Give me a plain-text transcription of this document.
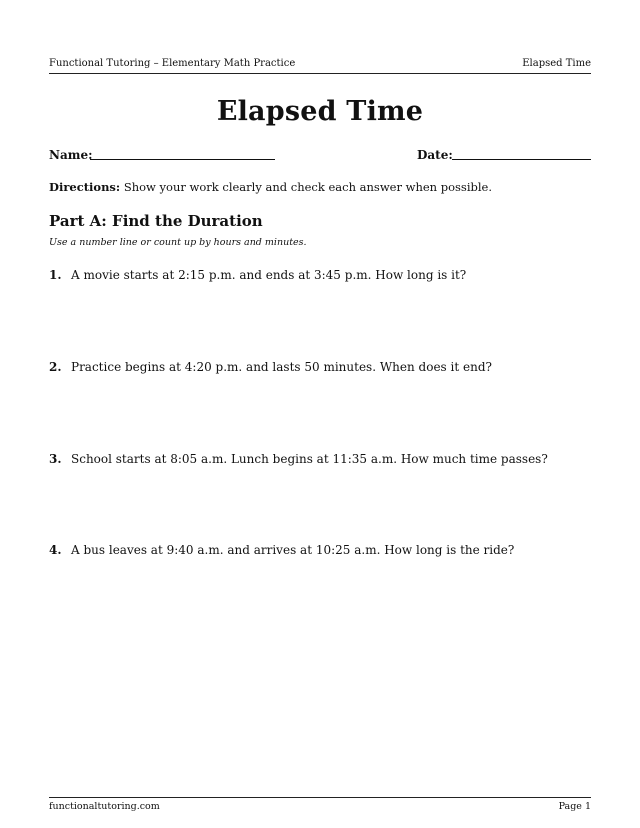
Functional Tutoring – Elementary Math Practice	Elapsed Time
Elapsed Time
Name:	Date:
Directions: Show your work clearly and check each answer when possible.
Part A: Find the Duration
Use a number line or count up by hours and minutes.
1. A movie starts at 2:15 p.m. and ends at 3:45 p.m. How long is it?
2. Practice begins at 4:20 p.m. and lasts 50 minutes. When does it end?
3. School starts at 8:05 a.m. Lunch begins at 11:35 a.m. How much time passes?
4. A bus leaves at 9:40 a.m. and arrives at 10:25 a.m. How long is the ride?
functionaltutoring.com	Page 1
